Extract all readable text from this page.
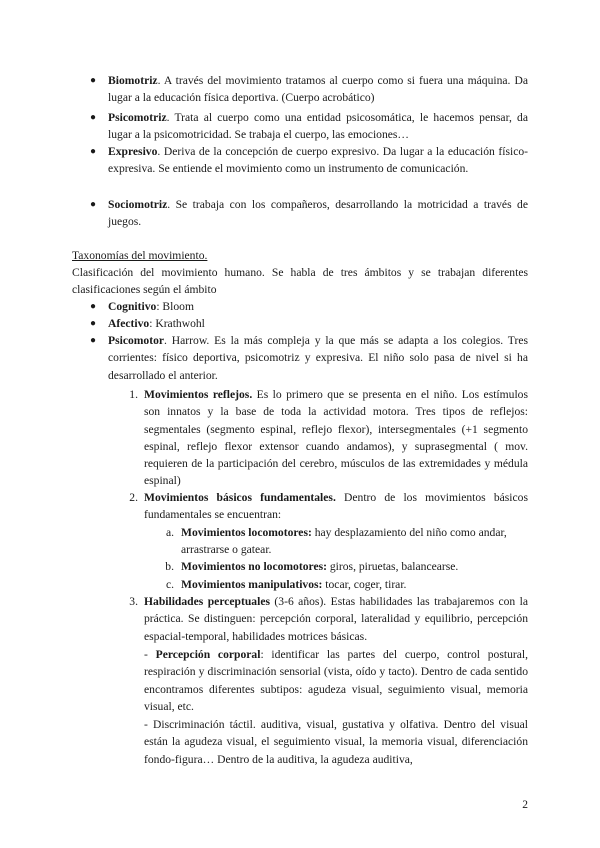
● Biomotriz. A través del movimiento tratamos al cuerpo como si fuera una máquina. Da lugar a la educación física deportiva. (Cuerpo acrobático)
● Psicomotriz. Trata al cuerpo como una entidad psicosomática, le hacemos pensar, da lugar a la psicomotricidad. Se trabaja el cuerpo, las emociones…
● Expresivo. Deriva de la concepción de cuerpo expresivo. Da lugar a la educación físico-expresiva. Se entiende el movimiento como un instrumento de comunicación.
● Sociomotriz. Se trabaja con los compañeros, desarrollando la motricidad a través de juegos.
Taxonomías del movimiento.
Clasificación del movimiento humano. Se habla de tres ámbitos y se trabajan diferentes clasificaciones según el ámbito
● Cognitivo: Bloom
● Afectivo: Krathwohl
● Psicomotor. Harrow. Es la más compleja y la que más se adapta a los colegios. Tres corrientes: físico deportiva, psicomotriz y expresiva. El niño solo pasa de nivel si ha desarrollado el anterior.
1. Movimientos reflejos. Es lo primero que se presenta en el niño. Los estímulos son innatos y la base de toda la actividad motora. Tres tipos de reflejos: segmentales (segmento espinal, reflejo flexor), intersegmentales (+1 segmento espinal, reflejo flexor extensor cuando andamos), y suprasegmental ( mov. requieren de la participación del cerebro, músculos de las extremidades y médula espinal)
2. Movimientos básicos fundamentales. Dentro de los movimientos básicos fundamentales se encuentran:
a. Movimientos locomotores: hay desplazamiento del niño como andar, arrastrarse o gatear.
b. Movimientos no locomotores: giros, piruetas, balancearse.
c. Movimientos manipulativos: tocar, coger, tirar.
3. Habilidades perceptuales (3-6 años). Estas habilidades las trabajaremos con la práctica. Se distinguen: percepción corporal, lateralidad y equilibrio, percepción espacial-temporal, habilidades motrices básicas.
- Percepción corporal: identificar las partes del cuerpo, control postural, respiración y discriminación sensorial (vista, oído y tacto). Dentro de cada sentido encontramos diferentes subtipos: agudeza visual, seguimiento visual, memoria visual, etc.
- Discriminación táctil. auditiva, visual, gustativa y olfativa. Dentro del visual están la agudeza visual, el seguimiento visual, la memoria visual, diferenciación fondo-figura… Dentro de la auditiva, la agudeza auditiva,
2
